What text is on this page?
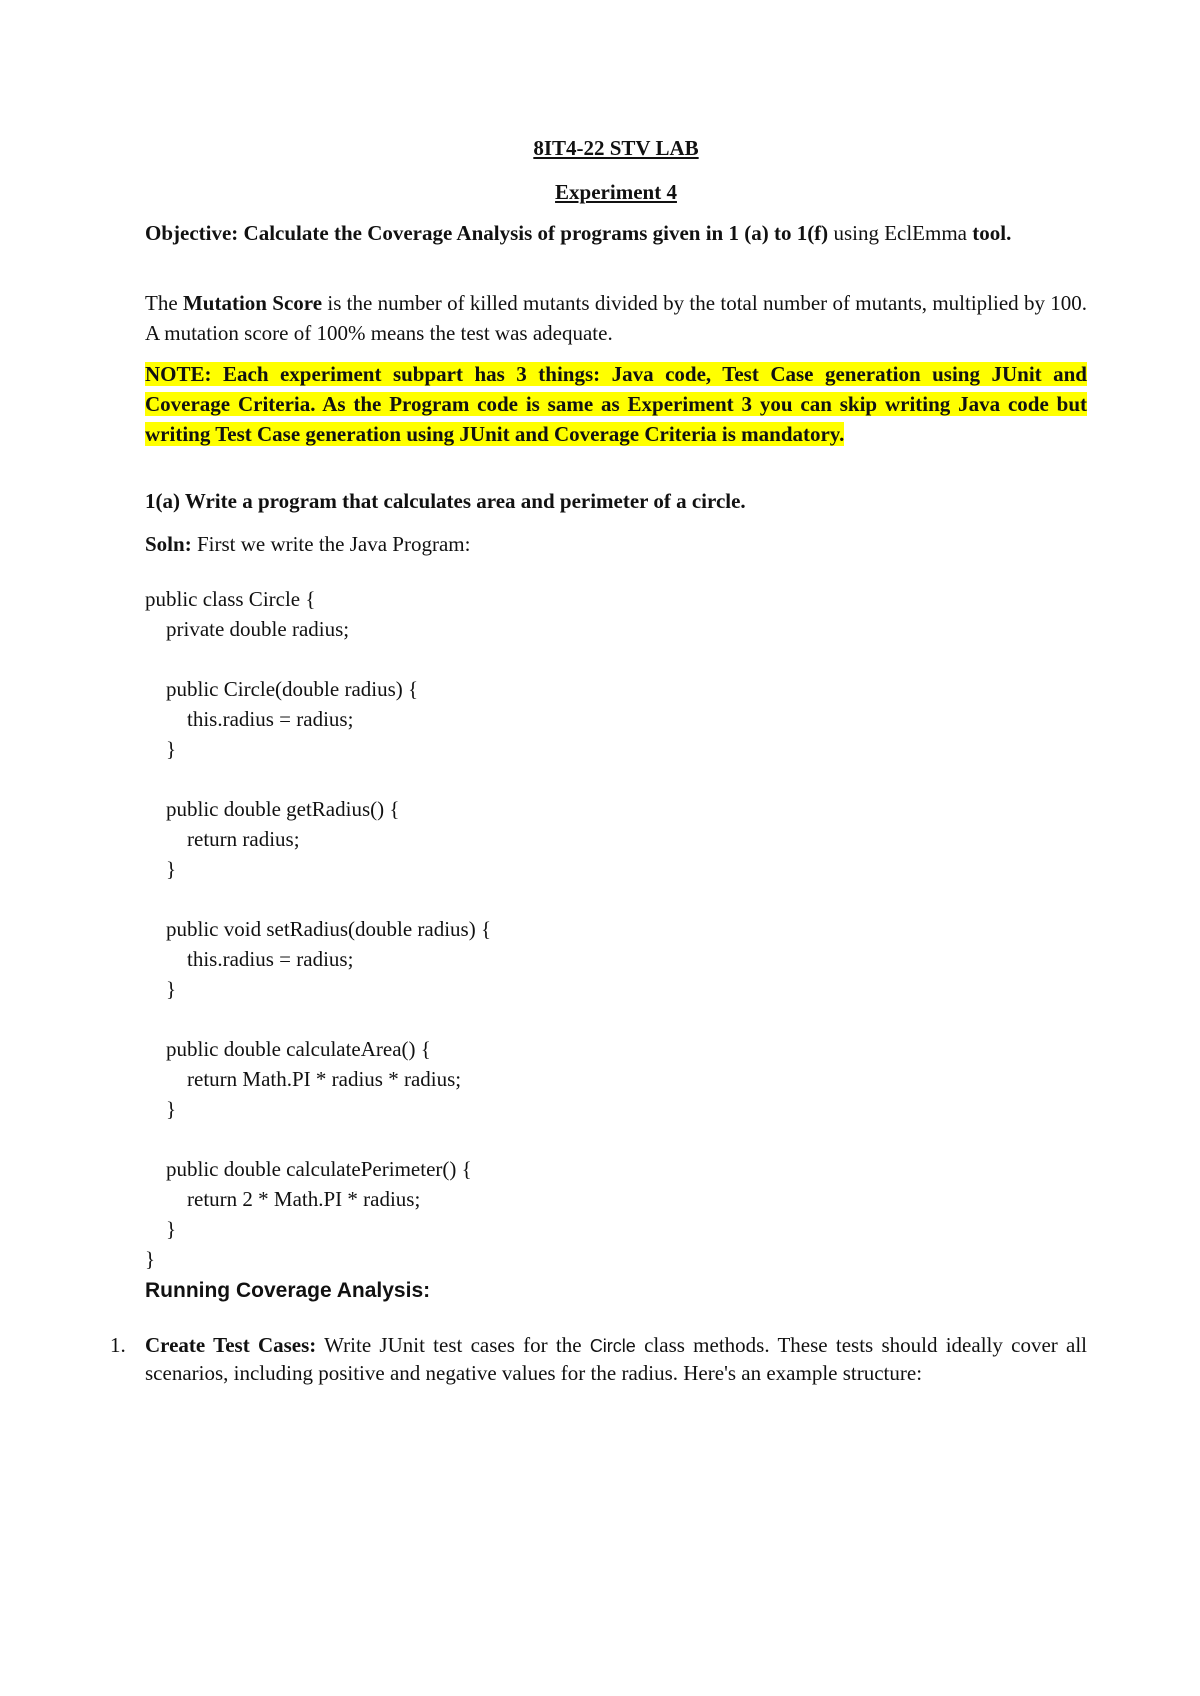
8IT4-22 STV LAB
Experiment 4
Objective: Calculate the Coverage Analysis of programs given in 1 (a) to 1(f) using EclEmma tool.
The Mutation Score is the number of killed mutants divided by the total number of mutants, multiplied by 100. A mutation score of 100% means the test was adequate.
NOTE: Each experiment subpart has 3 things: Java code, Test Case generation using JUnit and Coverage Criteria. As the Program code is same as Experiment 3 you can skip writing Java code but writing Test Case generation using JUnit and Coverage Criteria is mandatory.
1(a) Write a program that calculates area and perimeter of a circle.
Soln: First we write the Java Program:
public class Circle {
private double radius;
public Circle(double radius) {
this.radius = radius;
}
public double getRadius() {
return radius;
}
public void setRadius(double radius) {
this.radius = radius;
}
public double calculateArea() {
return Math.PI * radius * radius;
}
public double calculatePerimeter() {
return 2 * Math.PI * radius;
}
}
Running Coverage Analysis:
1. Create Test Cases: Write JUnit test cases for the Circle class methods. These tests should ideally cover all scenarios, including positive and negative values for the radius. Here's an example structure:
